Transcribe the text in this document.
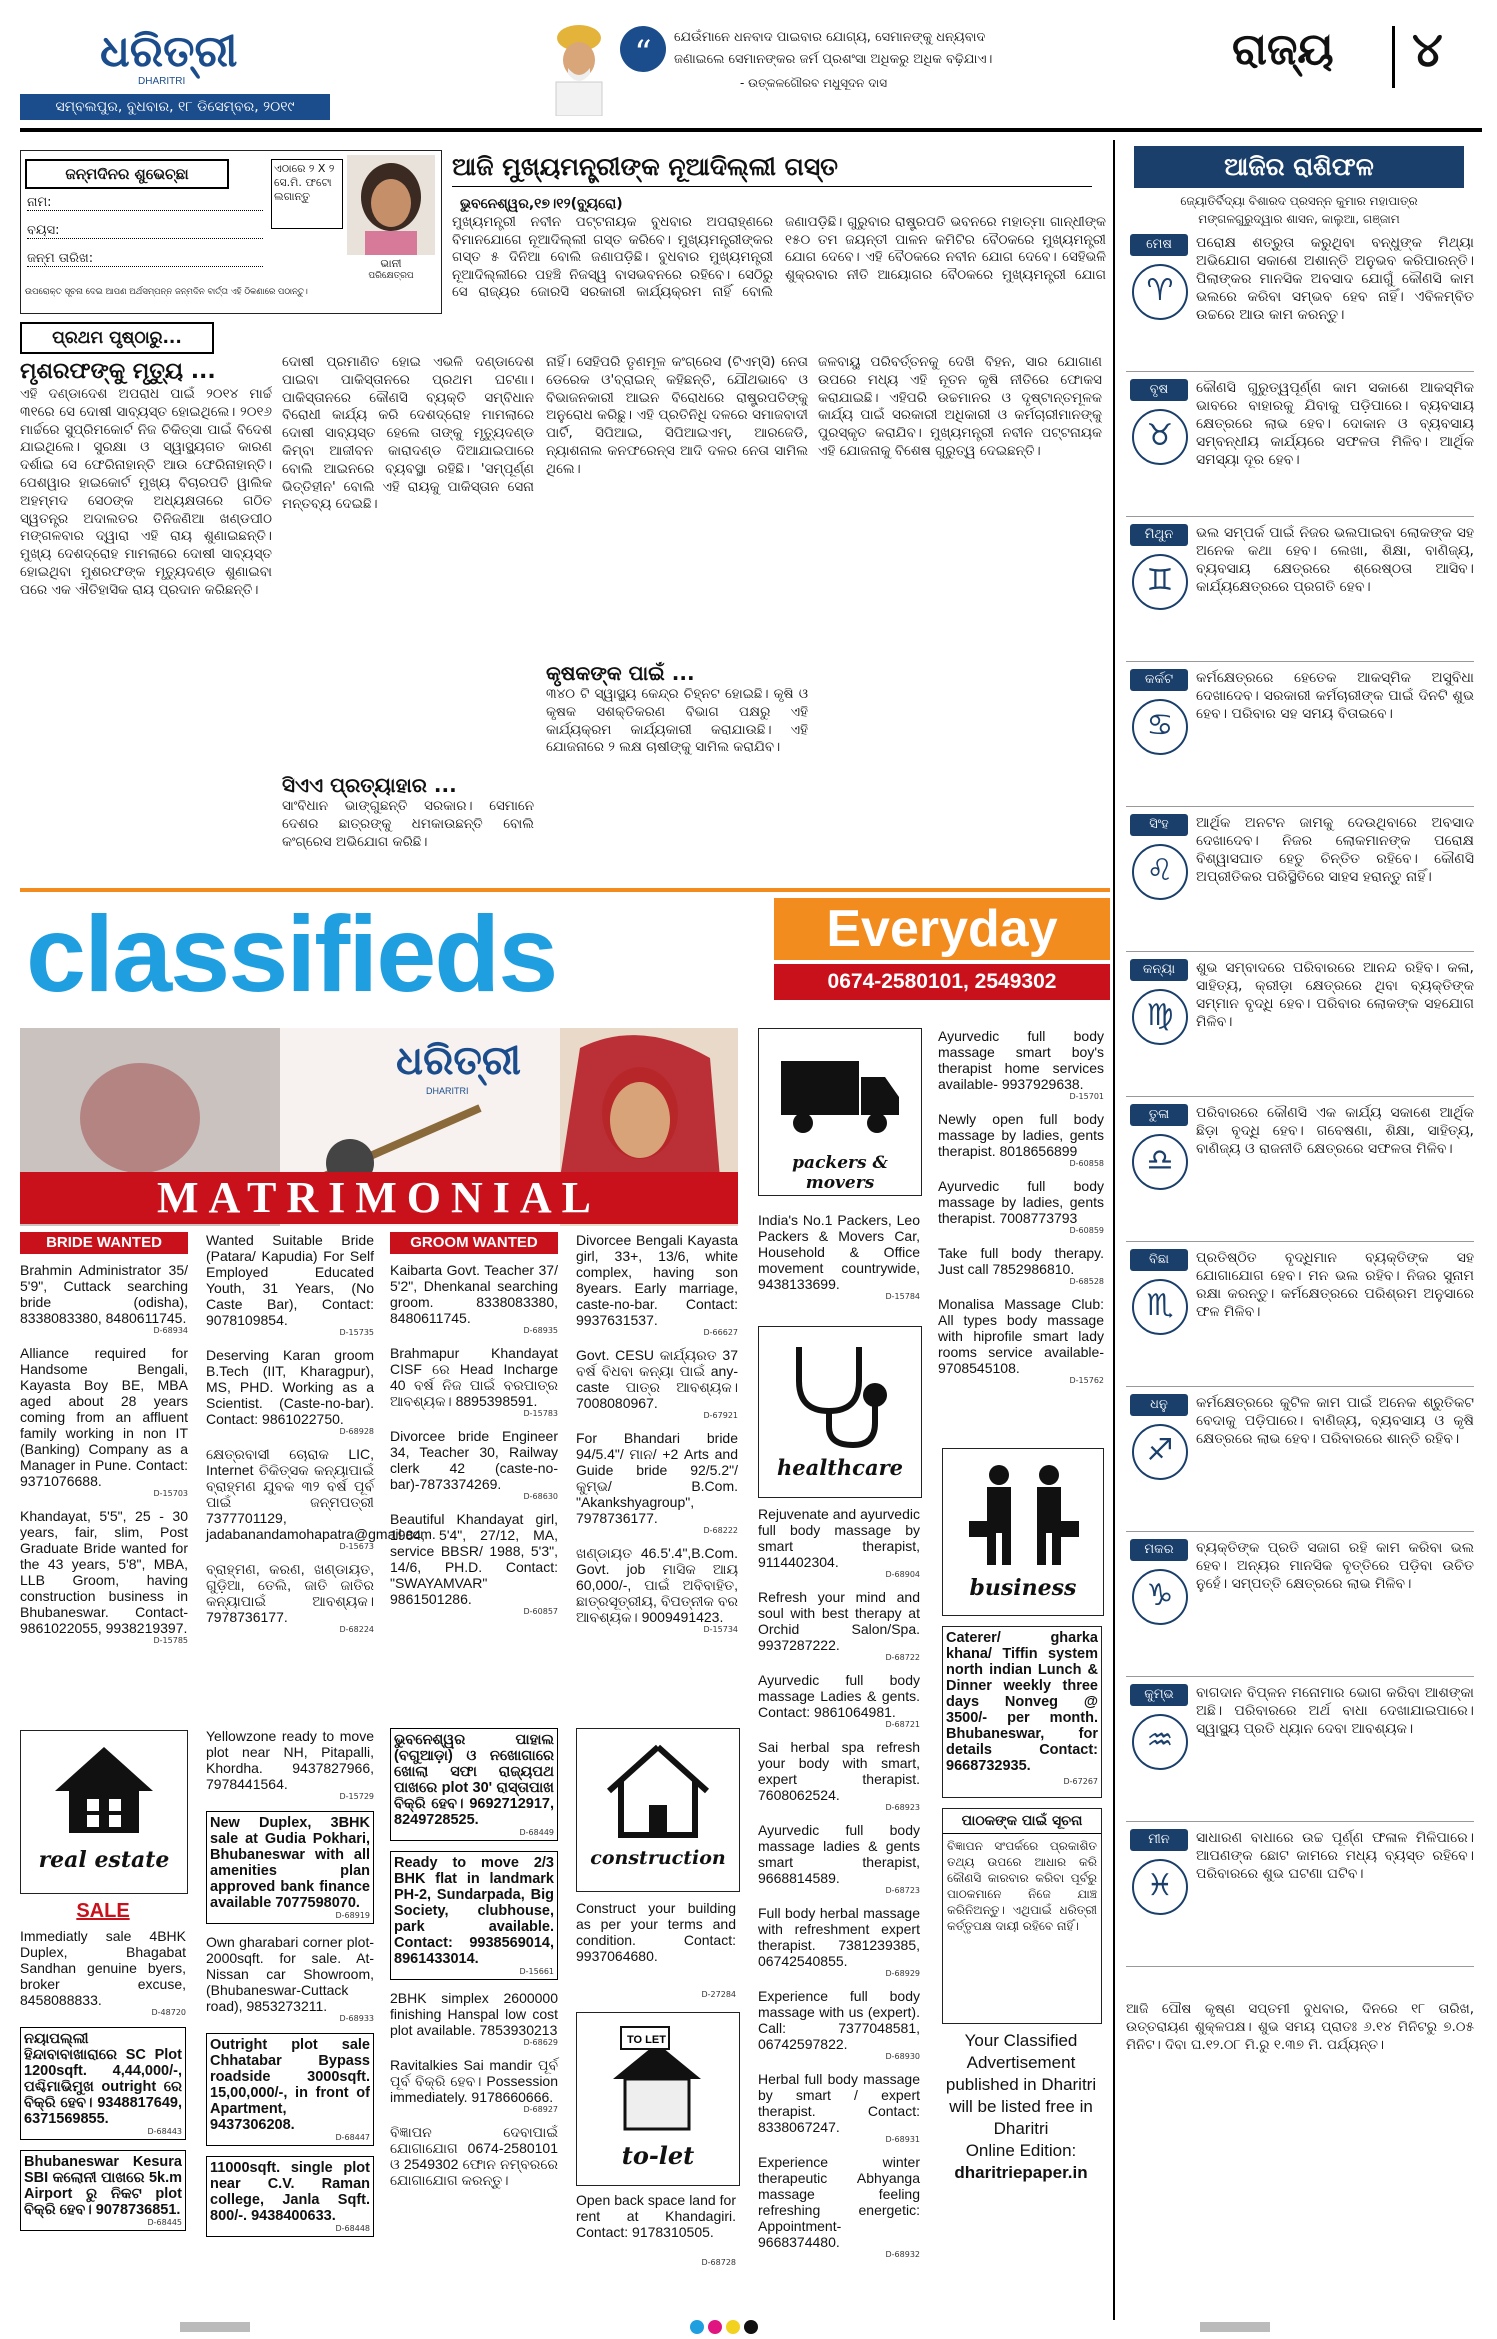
ଧରିତ୍ରୀ
DHARITRI
ସମ୍ବଲପୁର, ବୁଧବାର, ୧୮ ଡିସେମ୍ବର, ୨୦୧୯
“	ଯେଉଁମାନେ ଧନବାଦ ପାଇବାର ଯୋଗ୍ୟ, ସେମାନଙ୍କୁ ଧନ୍ୟବାଦ
ଜଣାଇଲେ ସେମାନଙ୍କର ଜର୍ମ ପ୍ରଶଂସା ଅଧିକରୁ ଅଧିକ ବଢ଼ିଯାଏ।
- ଉତ୍କଳଗୌରବ ମଧୁସୂଦନ ଦାସ
ରାଜ୍ୟ ୪
ଜନ୍ମଦିନର ଶୁଭେଚ୍ଛା
ନାମ:
ବୟସ:
ଜନ୍ମ ତାରିଖ:
ଏଠାରେ ୨ X ୨ ସେ.ମି. ଫଟୋ ଲଗାନ୍ତୁ
ଭାନୀ
ପରିକ୍ଷେତ୍ରପ
ଉପରୋକ୍ତ ସୂଚନା ଦେଇ ଆପଣ ଅର୍ଥସମ୍ପନ୍ନ ଜନ୍ମଦିନ ବାର୍ତ୍ତା ଏହି ଠିକଣାରେ ପଠାନ୍ତୁ।
ଆଜି ମୁଖ୍ୟମନ୍ତ୍ରୀଙ୍କ ନୂଆଦିଲ୍ଲୀ ଗସ୍ତ
ଭୁବନେଶ୍ୱର,୧୭।୧୨(ବ୍ୟୁରୋ)
ମୁଖ୍ୟମନ୍ତ୍ରୀ ନବୀନ ପଟ୍ଟନାୟକ ବୁଧବାର ଅପରାହ୍ଣରେ ବିମାନଯୋଗେ ନୂଆଦିଲ୍ଲୀ ଗସ୍ତ କରିବେ। ମୁଖ୍ୟମନ୍ତ୍ରୀଙ୍କର ଗସ୍ତ ୫ ଦିନିଆ ବୋଲି ଜଣାପଡ଼ିଛି। ବୁଧବାର ମୁଖ୍ୟମନ୍ତ୍ରୀ ନୂଆଦିଲ୍ଲୀରେ ପହଞ୍ଚି ନିଜସ୍ୱ ବାସଭବନରେ ରହିବେ। ସେଠିରୁ ସେ ରାଜ୍ୟର ଜୋରସି ସରକାରୀ କାର୍ଯ୍ୟକ୍ରମ ନାହିଁ ବୋଲି ଜଣାପଡ଼ିଛି। ଗୁରୁବାର ରାଷ୍ଟ୍ରପତି ଭବନରେ ମହାତ୍ମା ଗାନ୍ଧୀଙ୍କ ୧୫୦ ତମ ଜୟନ୍ତୀ ପାଳନ କମିଟିର ବୈଠକରେ ମୁଖ୍ୟମନ୍ତ୍ରୀ ଯୋଗ ଦେବେ। ଏହି ବୈଠକରେ ନବୀନ ଯୋଗ ଦେବେ। ସେହିଭଳି ଶୁକ୍ରବାର ନୀତି ଆୟୋଗର ବୈଠକରେ ମୁଖ୍ୟମନ୍ତ୍ରୀ ଯୋଗ
ପ୍ରଥମ ପୃଷ୍ଠାରୁ...
ମୃଶରଫଙ୍କୁ ମୃତ୍ୟୁ ...
ଏହି ଦଣ୍ଡାଦେଶ ଅପରାଧ ପାଇଁ ୨୦୧୪ ମାର୍ଚ୍ଚ ୩୧ରେ ସେ ଦୋଷୀ ସାବ୍ୟସ୍ତ ହୋଇଥିଲେ। ୨୦୧୬ ମାର୍ଚ୍ଚରେ ସୁପ୍ରିମକୋର୍ଟ ନିଜ ଚିକିତ୍ସା ପାଇଁ ବିଦେଶ ଯାଇଥିଲେ। ସୁରକ୍ଷା ଓ ସ୍ୱାସ୍ଥ୍ୟଗତ କାରଣ ଦର୍ଶାଇ ସେ ଫେରିନାହାନ୍ତି ଆଉ ଫେରିନାହାନ୍ତି। ପେଶୱାର ହାଇକୋର୍ଟ ମୁଖ୍ୟ ବିଚାରପତି ୱାଲିକ ଅହମ୍ମଦ ସେଠଙ୍କ ଅଧ୍ୟକ୍ଷତାରେ ଗଠିତ ସ୍ୱତନ୍ତ୍ର ଅଦାଲତର ତିନିଜଣିଆ ଖଣ୍ଡପୀଠ ମଙ୍ଗଳବାର ଦ୍ୱାରା ଏହି ରାୟ ଶୁଣାଇଛନ୍ତି। ମୁଖ୍ୟ ଦେଶଦ୍ରୋହ ମାମଲାରେ ଦୋଷୀ ସାବ୍ୟସ୍ତ ହୋଇଥିବା ମୁଶରଫଙ୍କ ମୃତ୍ୟୁଦଣ୍ଡ ଶୁଣାଇବା ପରେ ଏକ ଐତିହାସିକ ରାୟ ପ୍ରଦାନ କରିଛନ୍ତି।
ଦୋଷୀ ପ୍ରମାଣିତ ହୋଇ ଏଭଳି ଦଣ୍ଡାଦେଶ ପାଇବା ପାକିସ୍ତାନରେ ପ୍ରଥମ ଘଟଣା। ପାକିସ୍ତାନରେ କୌଣସି ବ୍ୟକ୍ତି ସମ୍ବିଧାନ ବିରୋଧୀ କାର୍ଯ୍ୟ କରି ଦେଶଦ୍ରୋହ ମାମଲାରେ ଦୋଷୀ ସାବ୍ୟସ୍ତ ହେଲେ ତାଙ୍କୁ ମୃତ୍ୟୁଦଣ୍ଡ କିମ୍ବା ଆଜୀବନ କାରାଦଣ୍ଡ ଦିଆଯାଇପାରେ ବୋଲି ଆଇନରେ ବ୍ୟବସ୍ଥା ରହିଛି। 'ସମ୍ପୂର୍ଣ୍ଣ ଭିତ୍ତିହୀନ' ବୋଲି ଏହି ରାୟକୁ ପାକିସ୍ତାନ ସେନା ମନ୍ତବ୍ୟ ଦେଇଛି।
ସିଏଏ ପ୍ରତ୍ୟାହାର ...
ସାଂବିଧାନ ଭାଙ୍ଗୁଛନ୍ତି ସରକାର। ସେମାନେ ଦେଶର ଛାତ୍ରଙ୍କୁ ଧମକାଉଛନ୍ତି ବୋଲି କଂଗ୍ରେସ ଅଭିଯୋଗ କରିଛି।
ନାହିଁ। ସେହିପରି ତୃଣମୂଳ କଂଗ୍ରେସ (ଟିଏମ୍‌ସି) ନେତା ଡେରେକ ଓ'ବ୍ରାଇନ୍ କହିଛନ୍ତି, ଯୌଥଭାବେ ଓ ବିଭାଜନକାରୀ ଆଇନ ବିରୋଧରେ ରାଷ୍ଟ୍ରପତିଙ୍କୁ ଅନୁରୋଧ କରିଛୁ। ଏହି ପ୍ରତିନିଧି ଦଳରେ ସମାଜବାଦୀ ପାର୍ଟି, ସିପିଆଇ, ସିପିଆଇଏମ୍, ଆରଜେଡି, ନ୍ୟାଶନାଲ କନଫରେନ୍ସ ଆଦି ଦଳର ନେତା ସାମିଲ ଥିଲେ।
କୃଷକଙ୍କ ପାଇଁ ...
୩୪୦ ଟି ସ୍ୱାସ୍ଥ୍ୟ କେନ୍ଦ୍ର ଚିହ୍ନଟ ହୋଇଛି। କୃଷି ଓ କୃଷକ ସଶକ୍ତିକରଣ ବିଭାଗ ପକ୍ଷରୁ ଏହି କାର୍ଯ୍ୟକ୍ରମ କାର୍ଯ୍ୟକାରୀ କରାଯାଉଛି। ଏହି ଯୋଜନାରେ ୨ ଲକ୍ଷ ଚାଷୀଙ୍କୁ ସାମିଲ କରାଯିବ।
ଜଳବାୟୁ ପରିବର୍ତ୍ତନକୁ ଦେଖି ବିହନ, ସାର ଯୋଗାଣ ଉପରେ ମଧ୍ୟ ଏହି ନୂତନ କୃଷି ନୀତିରେ ଫୋକସ କରାଯାଇଛି। ଏହିପରି ଉଚ୍ଚମାନର ଓ ଦୃଷ୍ଟାନ୍ତମୂଳକ କାର୍ଯ୍ୟ ପାଇଁ ସରକାରୀ ଅଧିକାରୀ ଓ କର୍ମଚାରୀମାନଙ୍କୁ ପୁରସ୍କୃତ କରାଯିବ। ମୁଖ୍ୟମନ୍ତ୍ରୀ ନବୀନ ପଟ୍ଟନାୟକ ଏହି ଯୋଜନାକୁ ବିଶେଷ ଗୁରୁତ୍ୱ ଦେଇଛନ୍ତି।
ଆଜିର ରାଶିଫଳ
ଜ୍ୟୋତିର୍ବିଦ୍ୟା ବିଶାରଦ ପ୍ରସନ୍ନ କୁମାର ମହାପାତ୍ର
ମଙ୍ଗଳଗୁରୁଦ୍ୱାର ଶାସନ, କାଲୁଆ, ଗଞ୍ଜାମ
ମେଷ
♈
ପରୋକ୍ଷ ଶତ୍ରୁତା କରୁଥିବା ବନ୍ଧୁଙ୍କ ମିଥ୍ୟା ଅଭିଯୋଗ ସକାଶେ ଅଶାନ୍ତି ଅନୁଭବ କରିପାରନ୍ତି। ପିଲାଙ୍କର ମାନସିକ ଅବସାଦ ଯୋଗୁଁ କୌଣସି କାମ ଭଲରେ କରିବା ସମ୍ଭବ ହେବ ନାହିଁ। ଏବିଳମ୍ବିତ ଉଚ୍ଚରେ ଆଉ କାମ କରନ୍ତୁ।
ବୃଷ
♉
କୌଣସି ଗୁରୁତ୍ୱପୂର୍ଣ୍ଣ କାମ ସକାଶେ ଆକସ୍ମିକ ଭାବରେ ବାହାରକୁ ଯିବାକୁ ପଡ଼ିପାରେ। ବ୍ୟବସାୟ କ୍ଷେତ୍ରରେ ଲାଭ ହେବ। ଦୋକାନ ଓ ବ୍ୟବସାୟ ସମ୍ବନ୍ଧୀୟ କାର୍ଯ୍ୟରେ ସଫଳତା ମିଳିବ। ଆର୍ଥିକ ସମସ୍ୟା ଦୂର ହେବ।
ମିଥୁନ
♊
ଭଲ ସମ୍ପର୍କ ପାଇଁ ନିଜର ଭଲପାଇବା ଲୋକଙ୍କ ସହ ଅନେକ କଥା ହେବ। ଲେଖା, ଶିକ୍ଷା, ବାଣିଜ୍ୟ, ବ୍ୟବସାୟ କ୍ଷେତ୍ରରେ ଶ୍ରେଷ୍ଠତା ଆସିବ। କାର୍ଯ୍ୟକ୍ଷେତ୍ରରେ ପ୍ରଗତି ହେବ।
କର୍କଟ
♋
କର୍ମକ୍ଷେତ୍ରରେ ହେତେକ ଆକସ୍ମିକ ଅସୁବିଧା ଦେଖାଦେବ। ସରକାରୀ କର୍ମଚାରୀଙ୍କ ପାଇଁ ଦିନଟି ଶୁଭ ହେବ। ପରିବାର ସହ ସମୟ ବିତାଇବେ।
ସିଂହ
♌
ଆର୍ଥିକ ଅନଟନ ଜାମକୁ ଦେଉଥିବାରେ ଅବସାଦ ଦେଖାଦେବ। ନିଜର ଲୋକମାନଙ୍କ ପରୋକ୍ଷ ବିଶ୍ୱାସଘାତ ହେତୁ ଚିନ୍ତିତ ରହିବେ। କୌଣସି ଅପ୍ରୀତିକର ପରିସ୍ଥିତିରେ ସାହସ ହରାନ୍ତୁ ନାହିଁ।
କନ୍ୟା
♍
ଶୁଭ ସମ୍ବାଦରେ ପରିବାରରେ ଆନନ୍ଦ ରହିବ। କଳା, ସାହିତ୍ୟ, କ୍ରୀଡ଼ା କ୍ଷେତ୍ରରେ ଥିବା ବ୍ୟକ୍ତିଙ୍କ ସମ୍ମାନ ବୃଦ୍ଧି ହେବ। ପରିବାର ଲୋକଙ୍କ ସହଯୋଗ ମିଳିବ।
ତୁଳା
♎
ପରିବାରରେ କୌଣସି ଏକ କାର୍ଯ୍ୟ ସକାଶେ ଆର୍ଥିକ ଛିଡ଼ା ବୃଦ୍ଧି ହେବ। ଗବେଷଣା, ଶିକ୍ଷା, ସାହିତ୍ୟ, ବାଣିଜ୍ୟ ଓ ରାଜନୀତି କ୍ଷେତ୍ରରେ ସଫଳତା ମିଳିବ।
ବିଛା
♏
ପ୍ରତିଷ୍ଠିତ ବୃଦ୍ଧିମାନ ବ୍ୟକ୍ତିଙ୍କ ସହ ଯୋଗାଯୋଗ ହେବ। ମନ ଭଲ ରହିବ। ନିଜର ସୁନାମ ରକ୍ଷା କରନ୍ତୁ। କର୍ମକ୍ଷେତ୍ରରେ ପରିଶ୍ରମ ଅନୁସାରେ ଫଳ ମିଳିବ।
ଧନୁ
♐
କର୍ମକ୍ଷେତ୍ରରେ କୁଟିଳ କାମ ପାଇଁ ଅନେକ ଶ୍ରୁତିକଟ ବେଦାକୁ ପଡ଼ିପାରେ। ବାଣିଜ୍ୟ, ବ୍ୟବସାୟ ଓ କୃଷି କ୍ଷେତ୍ରରେ ଲାଭ ହେବ। ପରିବାରରେ ଶାନ୍ତି ରହିବ।
ମକର
♑
ବ୍ୟକ୍ତିଙ୍କ ପ୍ରତି ସଜାଗ ରହି କାମ କରିବା ଭଲ ହେବ। ଅନ୍ୟର ମାନସିକ ବୃତ୍ତିରେ ପଡ଼ିବା ଉଚିତ ନୁହେଁ। ସମ୍ପତ୍ତି କ୍ଷେତ୍ରରେ ଲାଭ ମିଳିବ।
କୁମ୍ଭ
♒
ବାଗଦାନ ବିପ୍ଳନ ମନୋମାର ଭୋଗ କରିବା ଆଶଙ୍କା ଅଛି। ପରିବାରରେ ଅର୍ଥ ବାଧା ଦେଖାଯାଇପାରେ। ସ୍ୱାସ୍ଥ୍ୟ ପ୍ରତି ଧ୍ୟାନ ଦେବା ଆବଶ୍ୟକ।
ମୀନ
♓
ସାଧାରଣ ବାଧାରେ ଉଚ୍ଚ ପୂର୍ଣ୍ଣ ଫଳାଳ ମିଳିପାରେ। ଆପଣଙ୍କ ଛୋଟ କାମରେ ମଧ୍ୟ ବ୍ୟସ୍ତ ରହିବେ। ପରିବାରରେ ଶୁଭ ଘଟଣା ଘଟିବ।
ଆଜି ପୌଷ କୃଷ୍ଣ ସପ୍ତମୀ ବୁଧବାର, ଦିନରେ ୧୮ ତାରିଖ, ଉତ୍ତରାୟଣ ଶୁକ୍ଳପକ୍ଷ। ଶୁଭ ସମୟ ପ୍ରାତଃ ୬.୧୪ ମିନିଟରୁ ୭.୦୫ ମିନିଟ। ଦିବା ଘ.୧୨.୦୮ ମି.ରୁ ୧.୩୭ ମି. ପର୍ଯ୍ୟନ୍ତ।
classifieds	Everyday
0674-2580101, 2549302
ଧରିତ୍ରୀ
DHARITRI
MATRIMONIAL
BRIDE WANTED
Brahmin Administrator 35/ 5'9", Cuttack searching bride (odisha), 8338083380, 8480611745.
D-68934
Alliance required for Handsome Bengali, Kayasta Boy BE, MBA aged about 28 years coming from an affluent family working in non IT (Banking) Company as a Manager in Pune. Contact: 9371076688.
D-15703
Khandayat, 5'5", 25 - 30 years, fair, slim, Post Graduate Bride wanted for the 43 years, 5'8", MBA, LLB Groom, having construction business in Bhubaneswar. Contact- 9861022055, 9938219397.
D-15785
Wanted Suitable Bride (Patara/ Kapudia) For Self Employed Educated Youth, 31 Years, (No Caste Bar), Contact: 9078109854.
D-15735
Deserving Karan groom B.Tech (IIT, Kharagpur), MS, PHD. Working as a Scientist. (Caste-no-bar). Contact: 9861022750.
D-68928
କ୍ଷେତ୍ରବାସୀ ଚୋରାକ LIC, Internet ଚିକିତ୍ସକ କନ୍ୟାପାଇଁ ବ୍ରାହ୍ମଣ ଯୁବକ ୩୨ ବର୍ଷ ପୂର୍ବ ପାଇଁ ଜନ୍ମପତ୍ରୀ 7377701129, jadabanandamohapatra@gmail.com.
D-15673
ବ୍ରାହ୍ମଣ, କରଣ, ଖଣ୍ଡାୟତ, ଗୁଡ଼ିଆ, ତେଲି, ଜାତି ଜାତିର କନ୍ୟାପାଇଁ ଆବଶ୍ୟକ। 7978736177.
D-68224
GROOM WANTED
Kaibarta Govt. Teacher 37/ 5'2", Dhenkanal searching groom. 8338083380, 8480611745.
D-68935
Brahmapur Khandayat CISF ରେ Head Incharge 40 ବର୍ଷ ନିଜ ପାଇଁ ବରପାତ୍ର ଆବଶ୍ୟକ। 8895398591.
D-15783
Divorcee bride Engineer 34, Teacher 30, Railway clerk 42 (caste-no-bar)-7873374269.
D-68630
Beautiful Khandayat girl, 1984, 5'4", 27/12, MA, service BBSR/ 1988, 5'3", 14/6, PH.D. Contact: "SWAYAMVAR" 9861501286.
D-60857
Divorcee Bengali Kayasta girl, 33+, 13/6, white complex, having son 8years. Early marriage, caste-no-bar. Contact: 9937631537.
D-66627
Govt. CESU କାର୍ଯ୍ୟରତ 37 ବର୍ଷ ବିଧବା କନ୍ୟା ପାଇଁ any-caste ପାତ୍ର ଆବଶ୍ୟକ। 7008080967.
D-67921
For Bhandari bride 94/5.4"/ ମାନ/ +2 Arts and Guide bride 92/5.2"/ କୁମ୍ଭ/ B.Com. "Akankshyagroup", 7978736177.
D-68222
ଖଣ୍ଡାୟତ 46.5'.4",B.Com. Govt. job ମାସିକ ଆୟ 60,000/-, ପାଇଁ ଅବିବାହିତ, ଛାତ୍ରସୂତ୍ରୀୟ, ବିପତ୍ନୀକ ବର ଆବଶ୍ୟକ। 9009491423.
D-15734
packers & movers
India's No.1 Packers, Leo Packers & Movers Car, Household & Office movement countrywide, 9438133699.
D-15784
healthcare
Rejuvenate and ayurvedic full body massage by smart therapist, 9114402304.
D-68904
Refresh your mind and soul with best therapy at Orchid Salon/Spa. 9937287222.
D-68722
Ayurvedic full body massage Ladies & gents. Contact: 9861064981.
D-68721
Sai herbal spa refresh your body with smart, expert therapist. 7608062524.
D-68923
Ayurvedic full body massage ladies & gents smart therapist, 9668814589.
D-68723
Full body herbal massage with refreshment expert therapist. 7381239385, 06742540855.
D-68929
Experience full body massage with us (expert). Call: 7377048581, 06742597822.
D-68930
Herbal full body massage by smart / expert therapist. Contact: 8338067247.
D-68931
Experience winter therapeutic Abhyanga massage feeling refreshing energetic: Appointment- 9668374480.
D-68932
Ayurvedic full body massage smart boy's therapist home services available- 9937929638.
D-15701
Newly open full body massage by ladies, gents therapist. 8018656899
D-60858
Ayurvedic full body massage by ladies, gents therapist. 7008773793
D-60859
Take full body therapy. Just call 7852986810.
D-68528
Monalisa Massage Club: All types body massage with hiprofile smart lady rooms service available- 9708545108.
D-15762
business
Caterer/ gharka khana/ Tiffin system north indian Lunch & Dinner weekly three days Nonveg @ 3500/- per month. Bhubaneswar, for details Contact: 9668732935.
D-67267
ପାଠକଙ୍କ ପାଇଁ ସୂଚନା
ବିଜ୍ଞାପନ ସଂପର୍କରେ ପ୍ରକାଶିତ ତଥ୍ୟ ଉପରେ ଆଧାର କରି କୌଣସି କାରବାର କରିବା ପୂର୍ବରୁ ପାଠକମାନେ ନିଜେ ଯାଞ୍ଚ କରିନିଅନ୍ତୁ। ଏଥିପାଇଁ ଧରିତ୍ରୀ କର୍ତ୍ତୃପକ୍ଷ ଦାୟୀ ରହିବେ ନାହିଁ।
Your Classified Advertisement published in Dharitri will be listed free in Dharitri
Online Edition:
dharitriepaper.in
real estate
SALE
Immediatly sale 4BHK Duplex, Bhagabat Sandhan genuine byers, broker excuse, 8458088833.
D-48720
ନୟାପଲ୍ଲୀ ହିନ୍ଦାବାବାଖାରାରେ SC Plot 1200sqft. 4,44,000/-, ପଶ୍ଚିମାଭିମୁଖ outright ରେ ବିକ୍ରି ହେବ। 9348817649, 6371569855.
D-68443
Bhubaneswar Kesura SBI କଲୋନୀ ପାଖରେ 5k.m Airport ରୁ ନିକଟ plot ବିକ୍ରି ହେବ। 9078736851.
D-68445
Yellowzone ready to move plot near NH, Pitapalli, Khordha. 9437827966, 7978441564.
D-15729
New Duplex, 3BHK sale at Gudia Pokhari, Bhubaneswar with all amenities plan approved bank finance available 7077598070.
D-68919
Own gharabari corner plot- 2000sqft. for sale. At- Nissan car Showroom, (Bhubaneswar-Cuttack road), 9853273211.
D-68933
Outright plot sale Chhatabar Bypass roadside 3000sqft. 15,00,000/-, in front of Apartment, 9437306208.
D-68447
11000sqft. single plot near C.V. Raman college, Janla Sqft. 800/-. 9438400633.
D-68448
ଭୁବନେଶ୍ୱର ପାହାଲ (ବଗୁଆଡ଼ା) ଓ ନଖୋଗାରେ ଖୋଲା ସଫା ରାଜ୍ୟପଥ ପାଖରେ plot 30' ରାସ୍ତାପାଖ ବିକ୍ରି ହେବ। 9692712917, 8249728525.
D-68449
Ready to move 2/3 BHK flat in landmark PH-2, Sundarpada, Big Society, clubhouse, park available. Contact: 9938569014, 8961433014.
D-15661
2BHK simplex 2600000 finishing Hanspal low cost plot available. 7853930213
D-68629
Ravitalkies Sai mandir ପୂର୍ବ ପୂର୍ବ ବିକ୍ରି ହେବ। Possession immediately. 9178660666.
D-68927
ବିଜ୍ଞାପନ ଦେବାପାଇଁ ଯୋଗାଯୋଗ 0674-2580101 ଓ 2549302 ଫୋନ ନମ୍ବରରେ ଯୋଗାଯୋଗ କରନ୍ତୁ।
construction
Construct your building as per your terms and condition. Contact: 9937064680.
D-27284
TO LET
to-let
Open back space land for rent at Khandagiri. Contact: 9178310505.
D-68728
